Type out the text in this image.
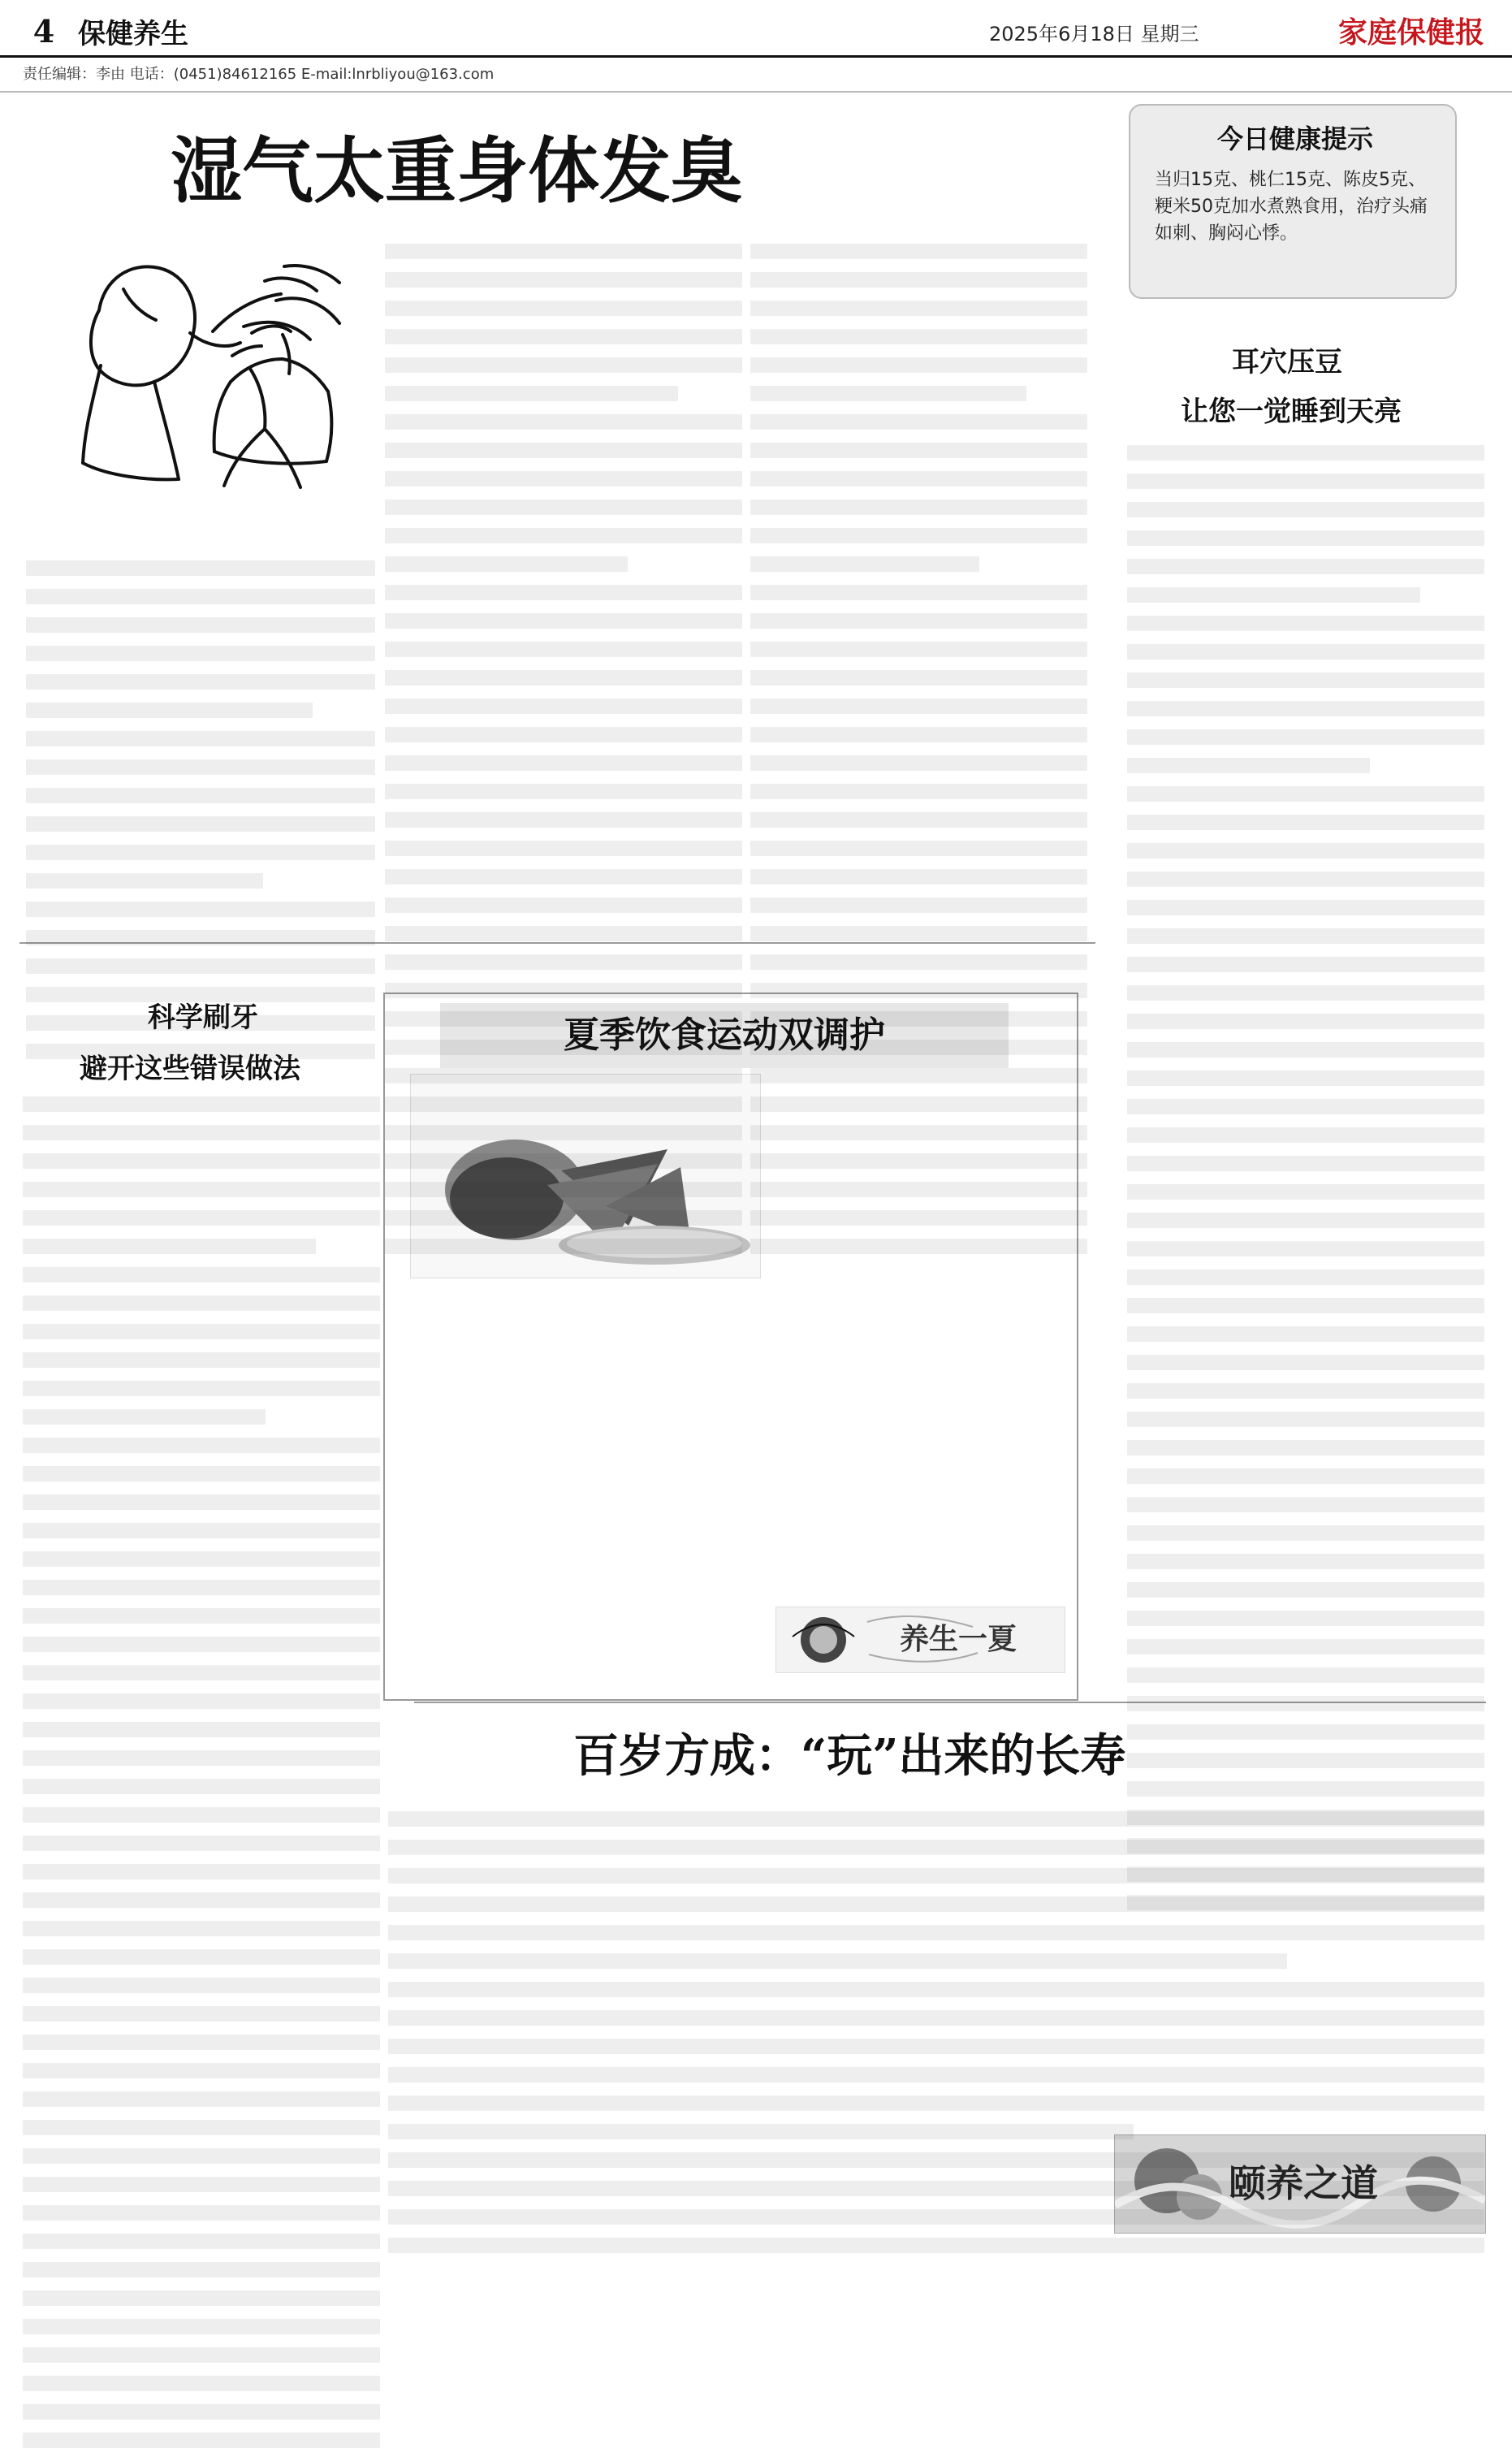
4 保健养生	2025年6月18日 星期三	家庭保健报
责任编辑：李由 电话：(0451)84612165 E-mail:lnrbliyou@163.com
湿气太重身体发臭	今日健康提示
当归15克、桃仁15克、陈皮5克、粳米50克加水煮熟食用，治疗头痛如刺、胸闷心悸。
耳穴压豆
让您一觉睡到天亮
科学刷牙
避开这些错误做法
夏季饮食运动双调护
养生一夏
百岁方成：“玩”出来的长寿
颐养之道
